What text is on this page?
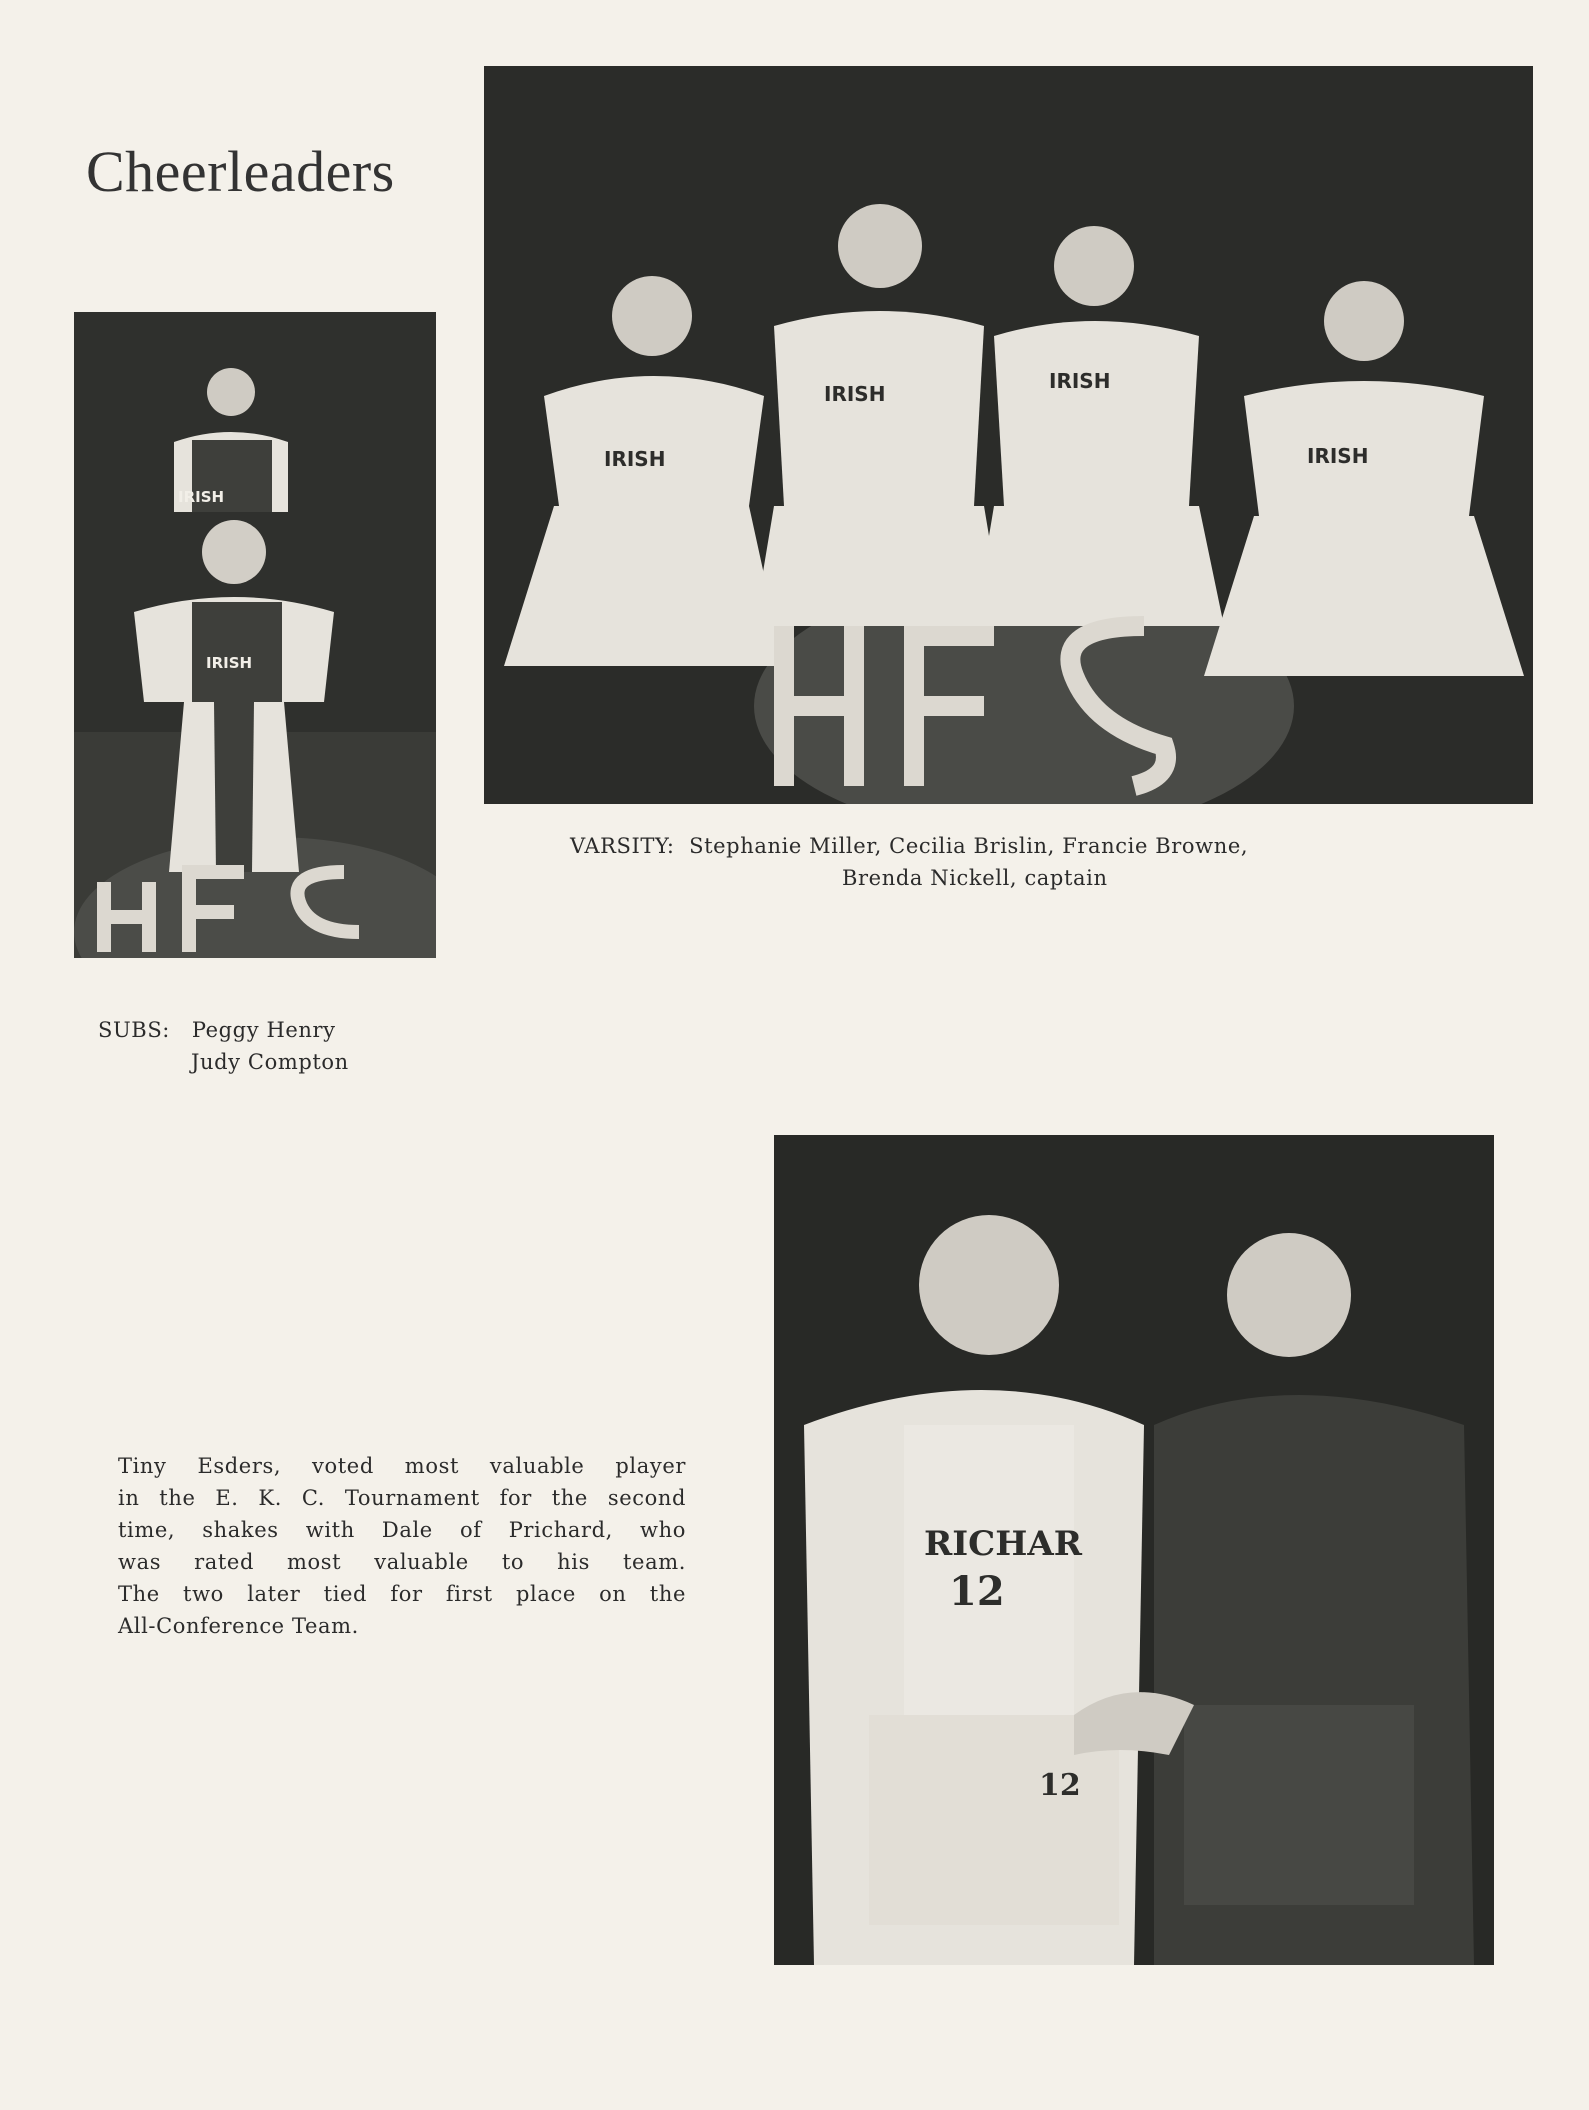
Cheerleaders
IRISH
IRISH
IRISH
IRISH
IRISH
IRISH
VARSITY:  Stephanie Miller, Cecilia Brislin, Francie Browne,
Brenda Nickell, captain
SUBS: Peggy Henry
Judy Compton
RICHAR
12
12
Tiny Esders, voted most valuable player
in the E. K. C. Tournament for the second
time, shakes with Dale of Prichard, who
was rated most valuable to his team.
The two later tied for first place on the
All-Conference Team.
